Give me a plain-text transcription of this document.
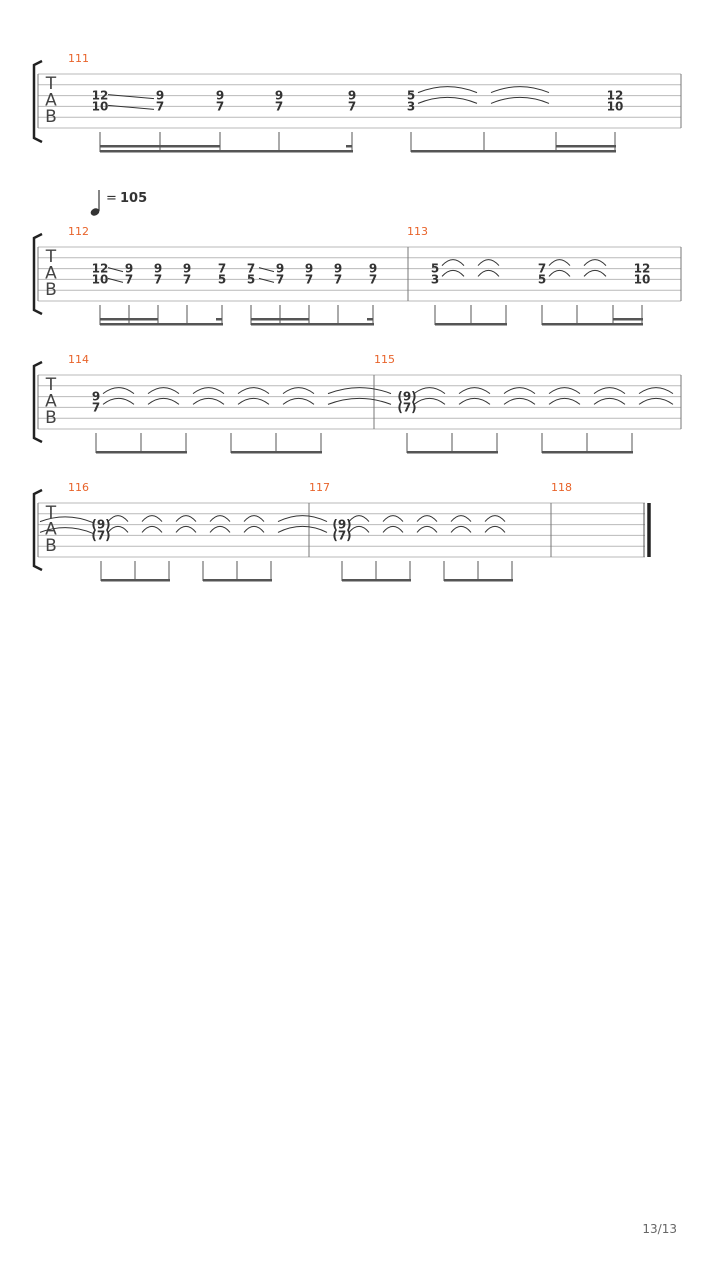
= 105
T
A
B
111
12
10
9
7
9
7
9
7
9
7
5
3
12
10
T
A
B
112
12
10
9
7
9
7
9
7
7
5
7
5
9
7
9
7
9
7
9
7
113
5
3
7
5
12
10
T
A
B
114
9
7
115
(9)
(7)
T
A
B
116
(9)
(7)
117
(9)
(7)
118
13/13
